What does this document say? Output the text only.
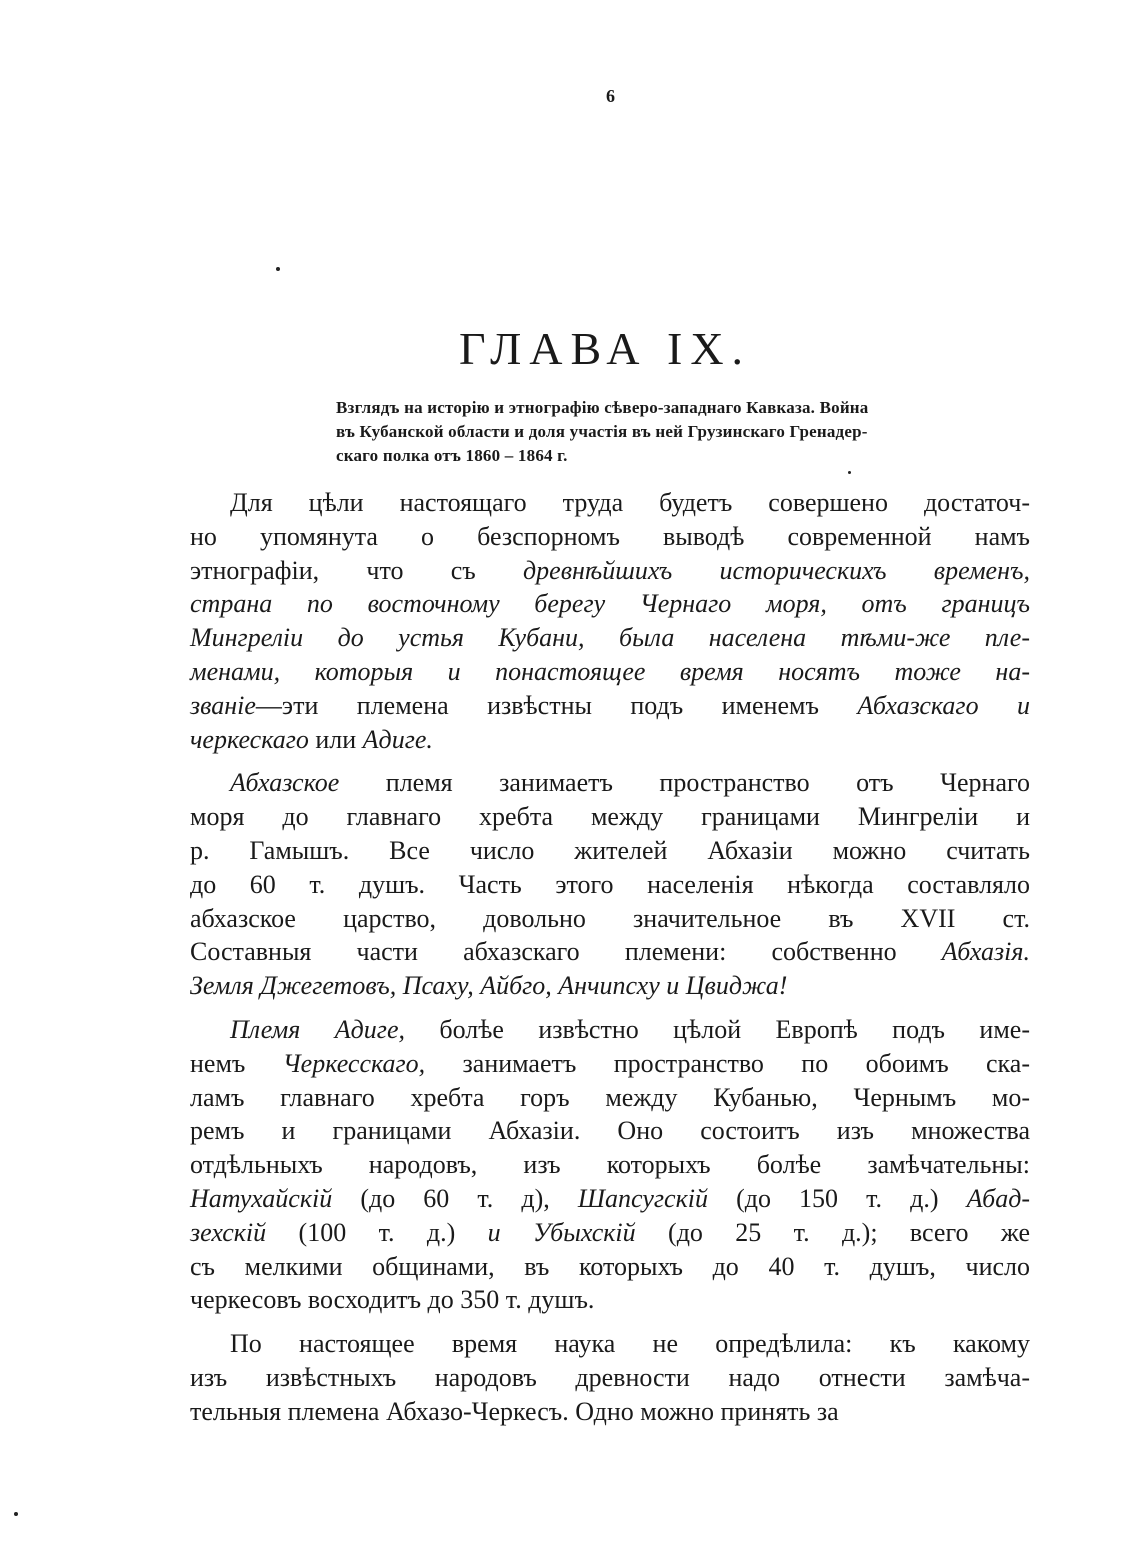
6
ГЛАВА IX.
Взглядъ на исторію и этнографію сѣверо-западнаго Кавказа. Война
въ Кубанской области и доля участія въ ней Грузинскаго Гренадер-
скаго полка отъ 1860 – 1864 г.
Для цѣли настоящаго труда будетъ совершено достаточ-
но упомянута о безспорномъ выводѣ современной намъ
этнографіи, что съ древнѣйшихъ историческихъ временъ,
страна по восточному берегу Чернаго моря, отъ границъ
Мингреліи до устья Кубани, была населена тѣми-же пле-
менами, которыя и понастоящее время носятъ тоже на-
званіе—эти племена извѣстны подъ именемъ Абхазскаго и
черкескаго или Адиге.
Абхазское племя занимаетъ пространство отъ Чернаго
моря до главнаго хребта между границами Мингреліи и
р. Гамышъ. Все число жителей Абхазіи можно считать
до 60 т. душъ. Часть этого населенія нѣкогда составляло
абхазское царство, довольно значительное въ XVII ст.
Составныя части абхазскаго племени: собственно Абхазія.
Земля Джегетовъ, Псаху, Айбго, Анчипсху и Цвиджа!
Племя Адиге, болѣе извѣстно цѣлой Европѣ подъ име-
немъ Черкесскаго, занимаетъ пространство по обоимъ ска-
ламъ главнаго хребта горъ между Кубанью, Чернымъ мо-
ремъ и границами Абхазіи. Оно состоитъ изъ множества
отдѣльныхъ народовъ, изъ которыхъ болѣе замѣчательны:
Натухайскій (до 60 т. д), Шапсугскій (до 150 т. д.) Абад-
зехскій (100 т. д.) и Убыхскій (до 25 т. д.); всего же
съ мелкими общинами, въ которыхъ до 40 т. душъ, число
черкесовъ восходитъ до 350 т. душъ.
По настоящее время наука не опредѣлила: къ какому
изъ извѣстныхъ народовъ древности надо отнести замѣча-
тельныя племена Абхазо-Черкесъ. Одно можно принять за
